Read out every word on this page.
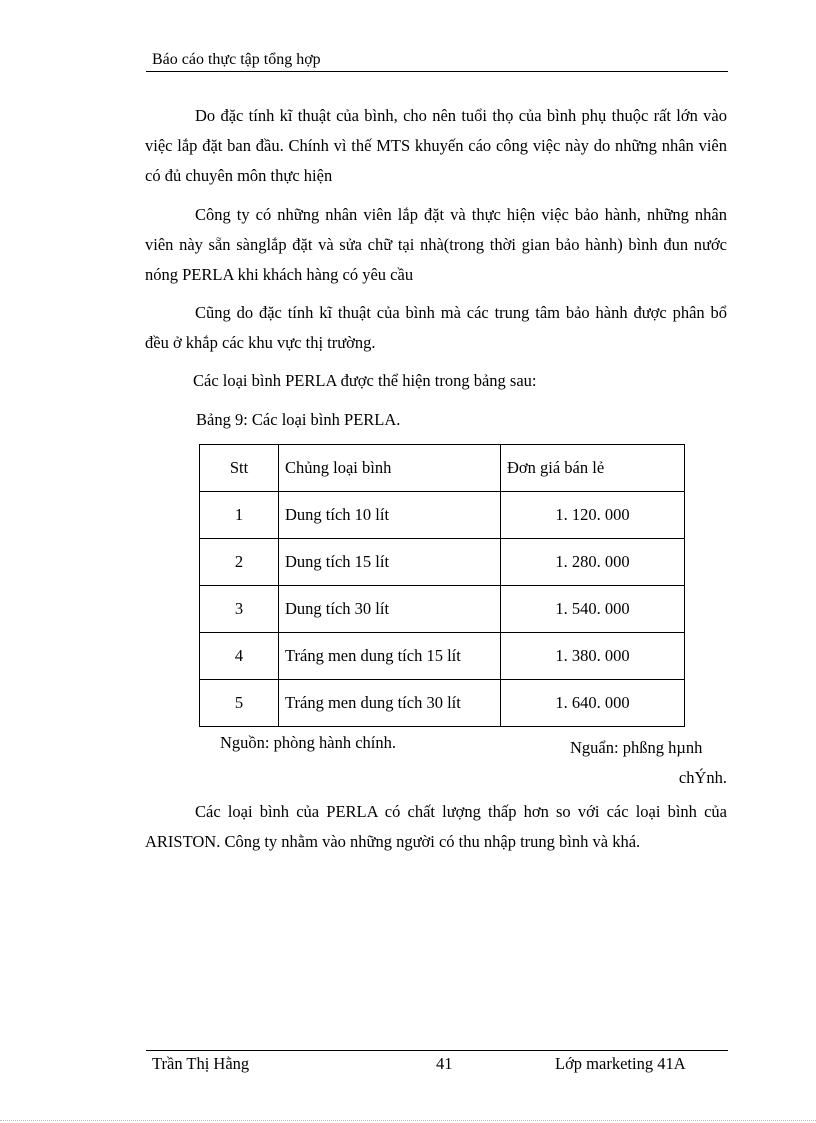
Báo cáo thực tập tổng hợp

Do đặc tính kĩ thuật của bình, cho nên tuổi thọ của bình phụ thuộc rất lớn vào việc lắp đặt ban đầu. Chính vì thế MTS khuyến cáo công việc này do những nhân viên có đủ chuyên môn thực hiện

Công ty có những nhân viên lắp đặt và thực hiện việc bảo hành, những nhân viên này sẵn sànglắp đặt và sửa chữ tại nhà(trong thời gian bảo hành) bình đun nước nóng PERLA khi khách hàng có yêu cầu

Cũng do đặc tính kĩ thuật của bình mà các trung tâm bảo hành được phân bổ đều ở khắp các khu vực thị trường.

Các loại bình PERLA được thể hiện trong bảng sau:

Bảng 9: Các loại bình PERLA.

Stt	Chủng loại bình	Đơn giá bán lẻ
1	Dung tích 10 lít	1. 120. 000
2	Dung tích 15 lít	1. 280. 000
3	Dung tích 30 lít	1. 540. 000
4	Tráng men dung tích 15 lít	1. 380. 000
5	Tráng men dung tích 30 lít	1. 640. 000
Nguồn: phòng hành chính.	Nguẩn: phßng hµnh
chÝnh.

Các loại bình của PERLA có chất lượng thấp hơn so với các loại bình của ARISTON. Công ty nhằm vào những người có thu nhập trung bình và khá.

Trần Thị Hằng	41	Lớp marketing 41A
